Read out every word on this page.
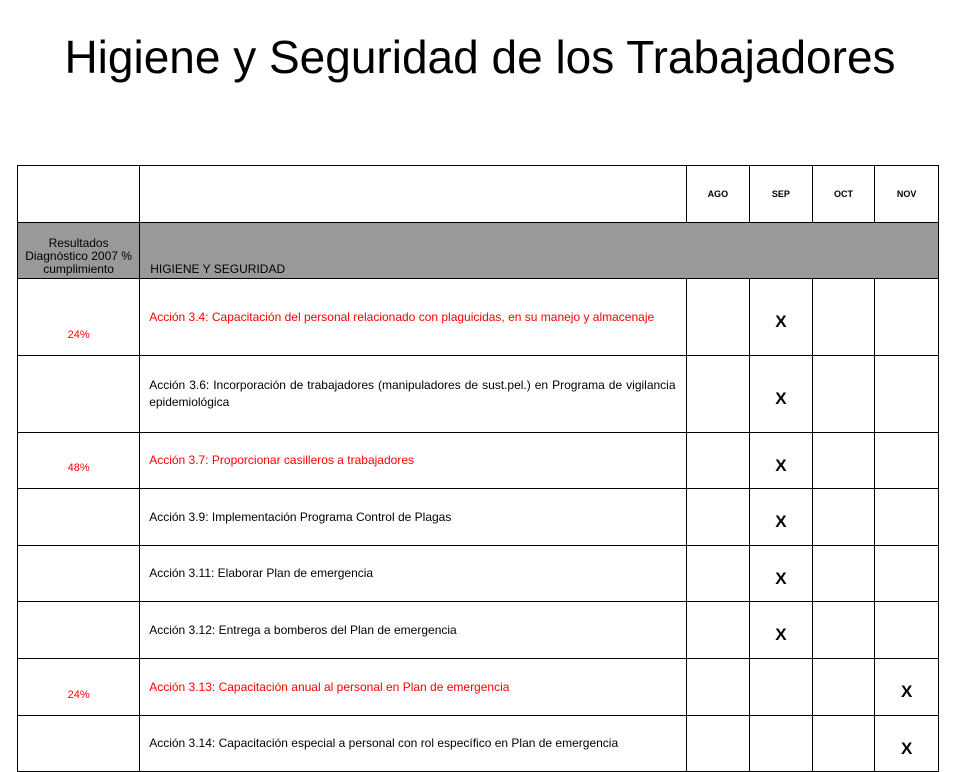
Higiene y Seguridad de los Trabajadores
		AGO	SEP	OCT	NOV
Resultados Diagnóstico 2007 % cumplimiento	HIGIENE Y SEGURIDAD				
24%	Acción 3.4: Capacitación del personal relacionado con plaguicidas, en su manejo y almacenaje		X		
	Acción 3.6: Incorporación de trabajadores (manipuladores de sust.pel.) en Programa de vigilancia epidemiológica		X		
48%	Acción 3.7: Proporcionar casilleros a trabajadores		X		
	Acción 3.9: Implementación Programa Control de Plagas		X		
	Acción 3.11: Elaborar Plan de emergencia		X		
	Acción 3.12: Entrega a bomberos del Plan de emergencia		X		
24%	Acción 3.13: Capacitación anual al personal en Plan de emergencia				X
	Acción 3.14: Capacitación especial a personal con rol específico en Plan de emergencia				X
